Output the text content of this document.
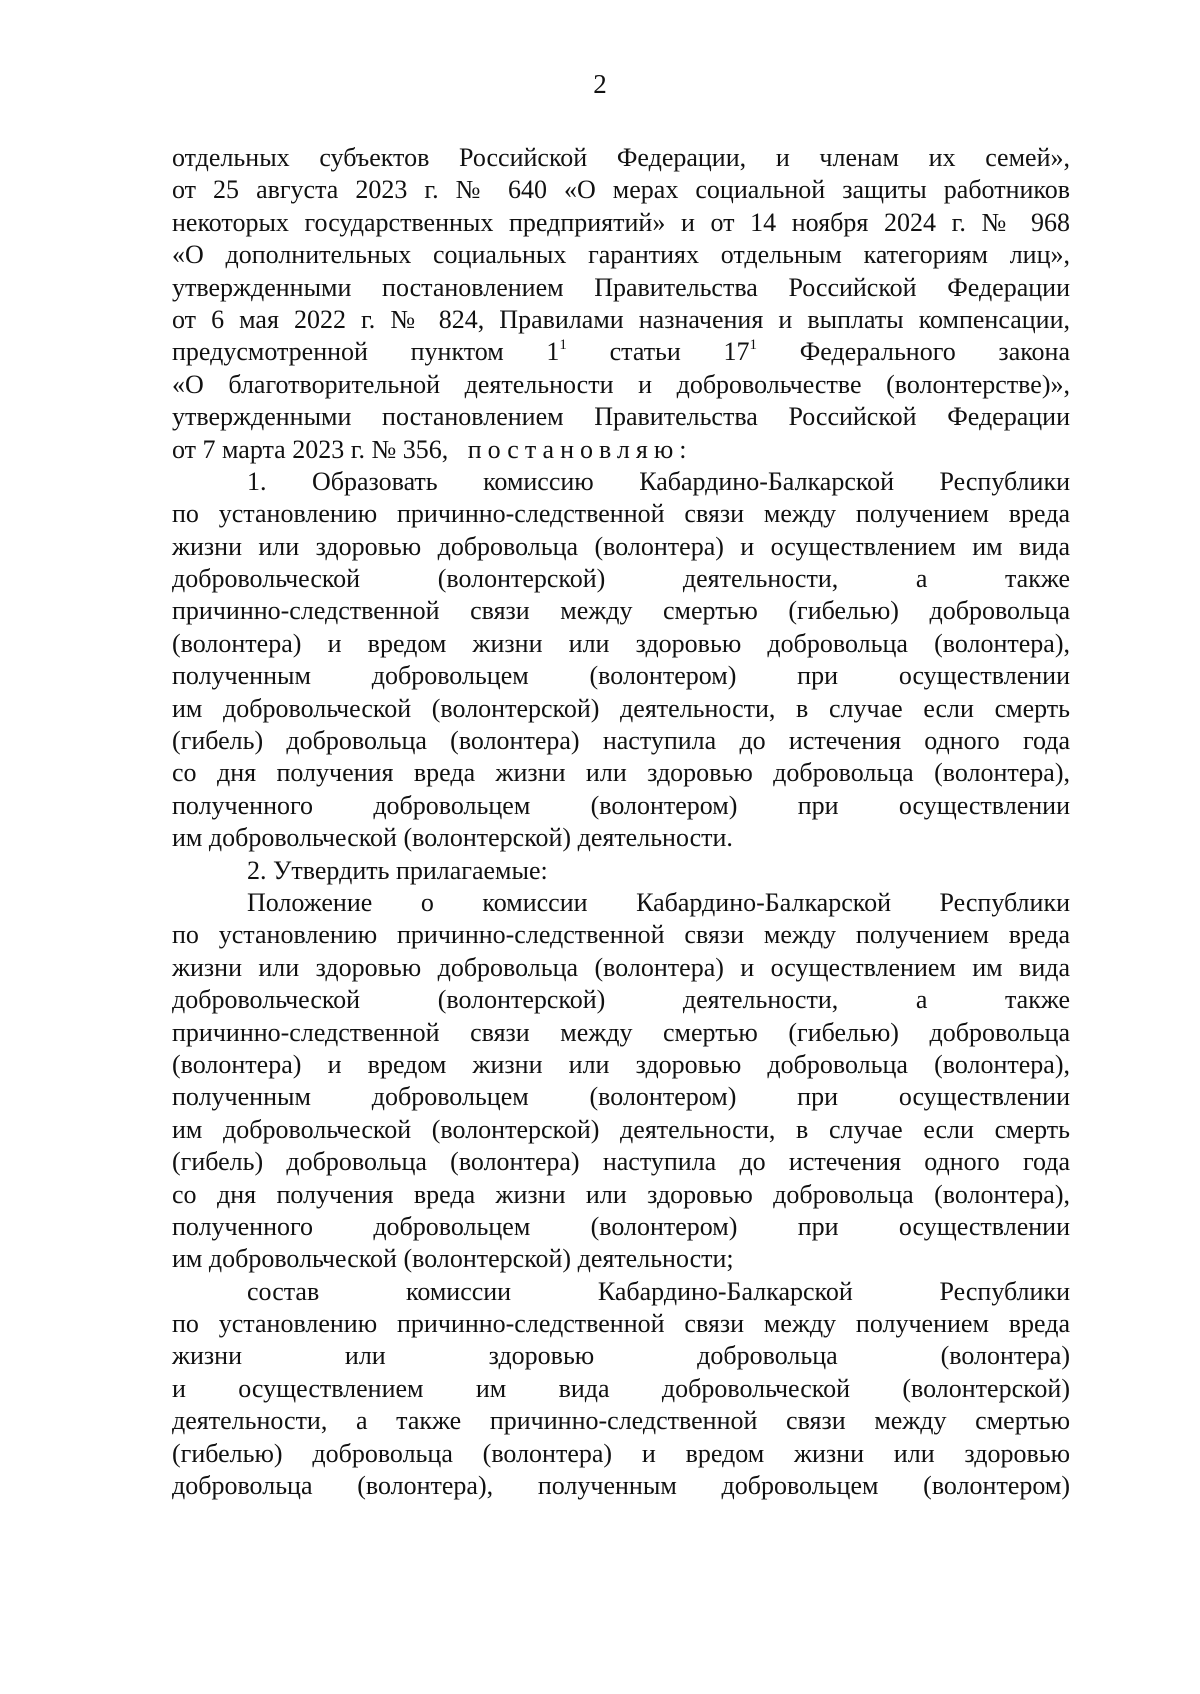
2
отдельных субъектов Российской Федерации, и членам их семей»,
от 25 августа 2023 г. № 640 «О мерах социальной защиты работников
некоторых государственных предприятий» и от 14 ноября 2024 г. № 968
«О дополнительных социальных гарантиях отдельным категориям лиц»,
утвержденными постановлением Правительства Российской Федерации
от 6 мая 2022 г. № 824, Правилами назначения и выплаты компенсации,
предусмотренной пунктом $1^1$ статьи $17^1$ Федерального закона
«О благотворительной деятельности и добровольчестве (волонтерстве)»,
утвержденными постановлением Правительства Российской Федерации
от 7 марта 2023 г. № 356, постановляю:
1. Образовать комиссию Кабардино-Балкарской Республики
по установлению причинно-следственной связи между получением вреда
жизни или здоровью добровольца (волонтера) и осуществлением им вида
добровольческой (волонтерской) деятельности, а также
причинно-следственной связи между смертью (гибелью) добровольца
(волонтера) и вредом жизни или здоровью добровольца (волонтера),
полученным добровольцем (волонтером) при осуществлении
им добровольческой (волонтерской) деятельности, в случае если смерть
(гибель) добровольца (волонтера) наступила до истечения одного года
со дня получения вреда жизни или здоровью добровольца (волонтера),
полученного добровольцем (волонтером) при осуществлении
им добровольческой (волонтерской) деятельности.
2. Утвердить прилагаемые:
Положение о комиссии Кабардино-Балкарской Республики
по установлению причинно-следственной связи между получением вреда
жизни или здоровью добровольца (волонтера) и осуществлением им вида
добровольческой (волонтерской) деятельности, а также
причинно-следственной связи между смертью (гибелью) добровольца
(волонтера) и вредом жизни или здоровью добровольца (волонтера),
полученным добровольцем (волонтером) при осуществлении
им добровольческой (волонтерской) деятельности, в случае если смерть
(гибель) добровольца (волонтера) наступила до истечения одного года
со дня получения вреда жизни или здоровью добровольца (волонтера),
полученного добровольцем (волонтером) при осуществлении
им добровольческой (волонтерской) деятельности;
состав комиссии Кабардино-Балкарской Республики
по установлению причинно-следственной связи между получением вреда
жизни или здоровью добровольца (волонтера)
и осуществлением им вида добровольческой (волонтерской)
деятельности, а также причинно-следственной связи между смертью
(гибелью) добровольца (волонтера) и вредом жизни или здоровью
добровольца (волонтера), полученным добровольцем (волонтером)
